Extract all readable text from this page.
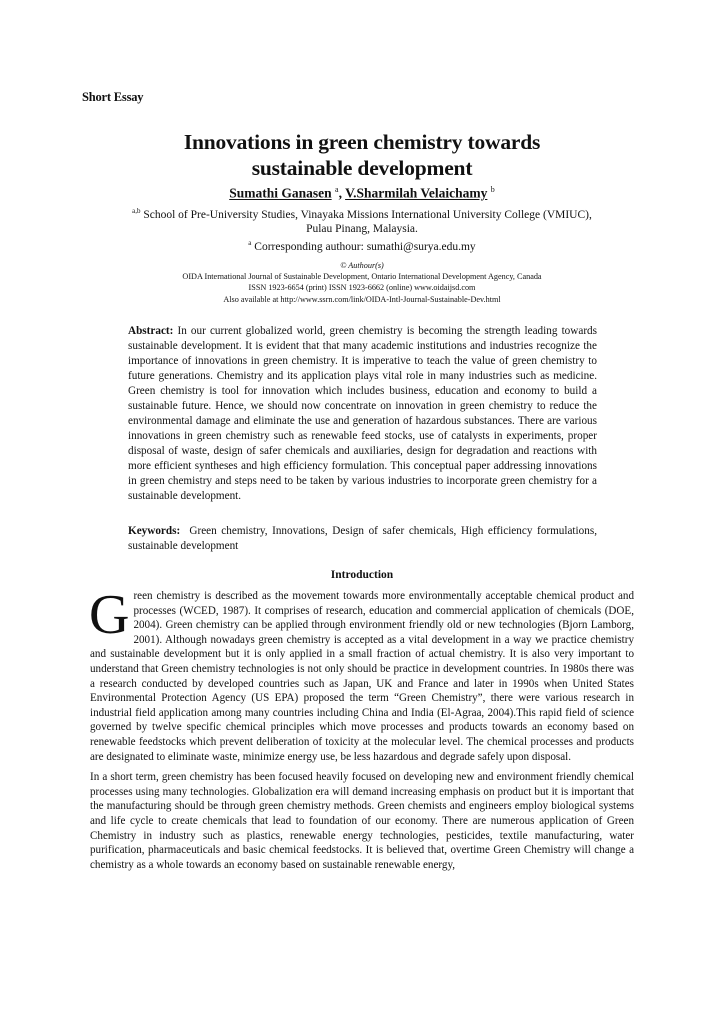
Short Essay
Innovations in green chemistry towards
sustainable development
Sumathi Ganasen $^a$, V.Sharmilah Velaichamy $^b$
$^{a,b}$ School of Pre-University Studies, Vinayaka Missions International University College (VMIUC),
Pulau Pinang, Malaysia.
$^a$ Corresponding authour: sumathi@surya.edu.my
© Authour(s)
OIDA International Journal of Sustainable Development, Ontario International Development Agency, Canada
ISSN 1923-6654 (print) ISSN 1923-6662 (online) www.oidaijsd.com
Also available at http://www.ssrn.com/link/OIDA-Intl-Journal-Sustainable-Dev.html
Abstract: In our current globalized world, green chemistry is becoming the strength leading towards sustainable development. It is evident that that many academic institutions and industries recognize the importance of innovations in green chemistry. It is imperative to teach the value of green chemistry to future generations. Chemistry and its application plays vital role in many industries such as medicine. Green chemistry is tool for innovation which includes business, education and economy to build a sustainable future. Hence, we should now concentrate on innovation in green chemistry to reduce the environmental damage and eliminate the use and generation of hazardous substances. There are various innovations in green chemistry such as renewable feed stocks, use of catalysts in experiments, proper disposal of waste, design of safer chemicals and auxiliaries, design for degradation and reactions with more efficient syntheses and high efficiency formulation. This conceptual paper addressing innovations in green chemistry and steps need to be taken by various industries to incorporate green chemistry for a sustainable development.
Keywords:  Green chemistry, Innovations, Design of safer chemicals, High efficiency formulations, sustainable development
Introduction

Green chemistry is described as the movement towards more environmentally acceptable chemical product and processes (WCED, 1987). It comprises of research, education and commercial application of chemicals (DOE, 2004). Green chemistry can be applied through environment friendly old or new technologies (Bjorn Lamborg, 2001). Although nowadays green chemistry is accepted as a vital development in a way we practice chemistry and sustainable development but it is only applied in a small fraction of actual chemistry. It is also very important to understand that Green chemistry technologies is not only should be practice in development countries. In 1980s there was a research conducted by developed countries such as Japan, UK and France and later in 1990s when United States Environmental Protection Agency (US EPA) proposed the term “Green Chemistry”, there were various research in industrial field application among many countries including China and India (El-Agraa, 2004).This rapid field of science governed by twelve specific chemical principles which move processes and products towards an economy based on renewable feedstocks which prevent deliberation of toxicity at the molecular level. The chemical processes and products are designated to eliminate waste, minimize energy use, be less hazardous and degrade safely upon disposal.

In a short term, green chemistry has been focused heavily focused on developing new and environment friendly chemical processes using many technologies. Globalization era will demand increasing emphasis on product but it is important that the manufacturing should be through green chemistry methods. Green chemists and engineers employ biological systems and life cycle to create chemicals that lead to foundation of our economy. There are numerous application of Green Chemistry in industry such as plastics, renewable energy technologies, pesticides, textile manufacturing, water purification, pharmaceuticals and basic chemical feedstocks. It is believed that, overtime Green Chemistry will change a chemistry as a whole towards an economy based on sustainable renewable energy,
